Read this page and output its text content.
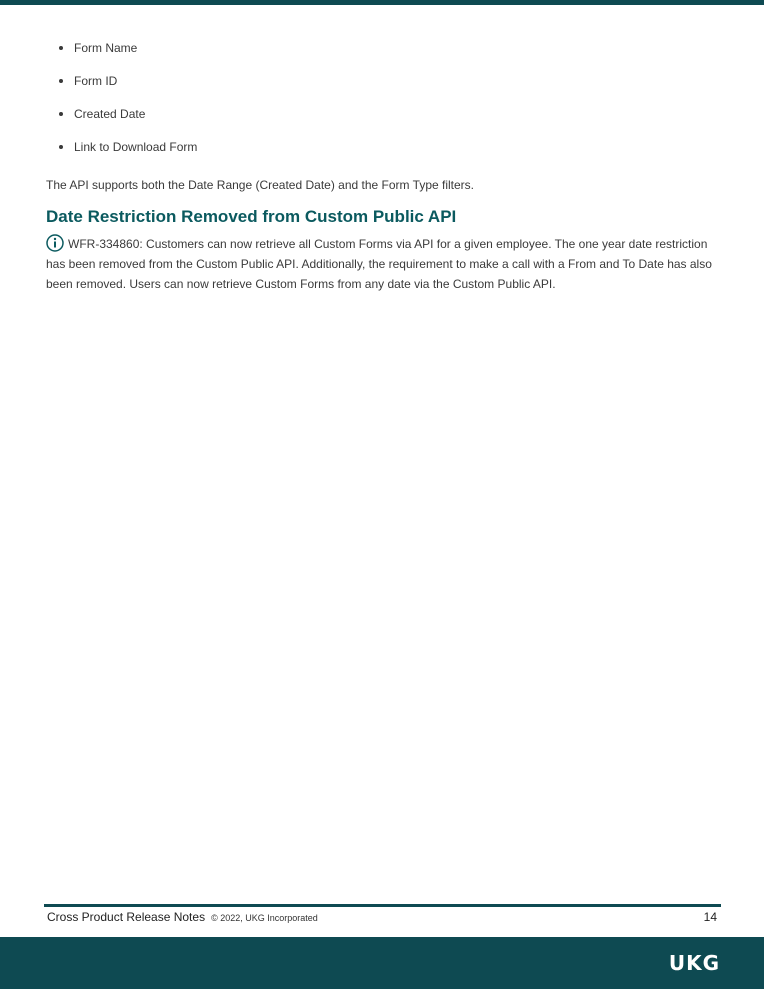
Form Name
Form ID
Created Date
Link to Download Form

The API supports both the Date Range (Created Date) and the Form Type filters.

Date Restriction Removed from Custom Public API
WFR-334860: Customers can now retrieve all Custom Forms via API for a given employee. The one year date restriction has been removed from the Custom Public API. Additionally, the requirement to make a call with a From and To Date has also been removed. Users can now retrieve Custom Forms from any date via the Custom Public API.
Cross Product Release Notes © 2022, UKG Incorporated	14
UKG
